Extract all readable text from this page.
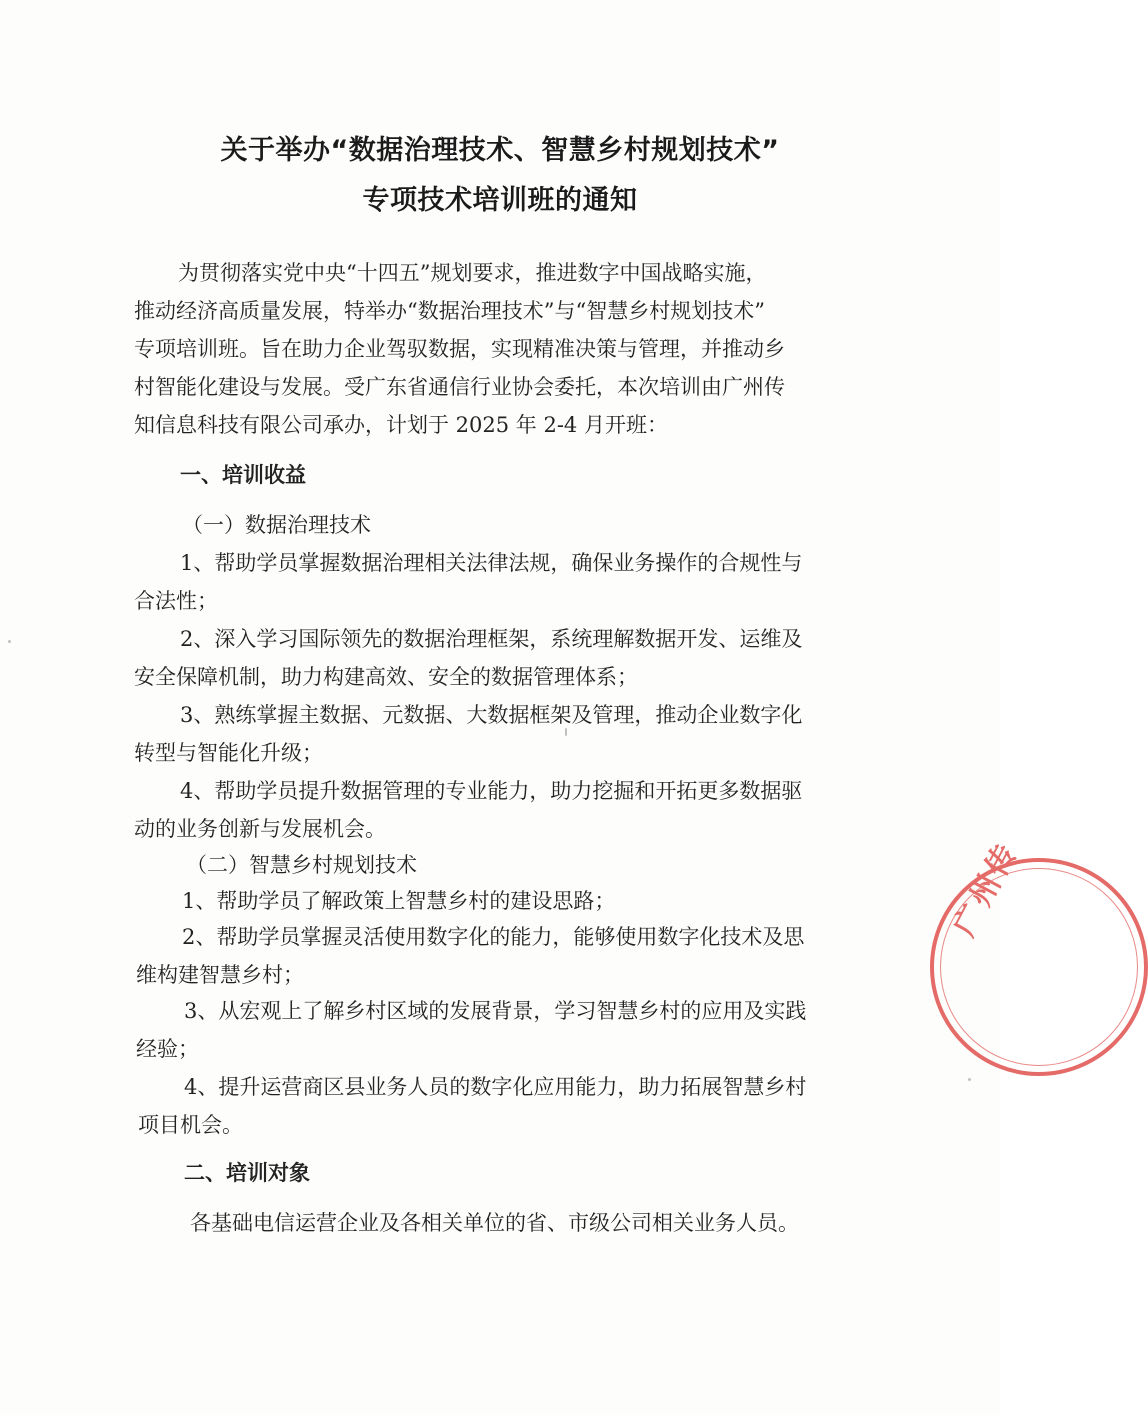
关于举办“数据治理技术、智慧乡村规划技术”
专项技术培训班的通知
为贯彻落实党中央“十四五”规划要求，推进数字中国战略实施，
推动经济高质量发展，特举办“数据治理技术”与“智慧乡村规划技术”
专项培训班。旨在助力企业驾驭数据，实现精准决策与管理，并推动乡
村智能化建设与发展。受广东省通信行业协会委托，本次培训由广州传
知信息科技有限公司承办，计划于 2025 年 2-4 月开班：
一、培训收益
（一）数据治理技术
1、帮助学员掌握数据治理相关法律法规，确保业务操作的合规性与
合法性；
2、深入学习国际领先的数据治理框架，系统理解数据开发、运维及
安全保障机制，助力构建高效、安全的数据管理体系；
3、熟练掌握主数据、元数据、大数据框架及管理，推动企业数字化
转型与智能化升级；
4、帮助学员提升数据管理的专业能力，助力挖掘和开拓更多数据驱
动的业务创新与发展机会。
（二）智慧乡村规划技术
1、帮助学员了解政策上智慧乡村的建设思路；
2、帮助学员掌握灵活使用数字化的能力，能够使用数字化技术及思
维构建智慧乡村；
3、从宏观上了解乡村区域的发展背景，学习智慧乡村的应用及实践
经验；
4、提升运营商区县业务人员的数字化应用能力，助力拓展智慧乡村
项目机会。
二、培训对象
各基础电信运营企业及各相关单位的省、市级公司相关业务人员。
广州传
